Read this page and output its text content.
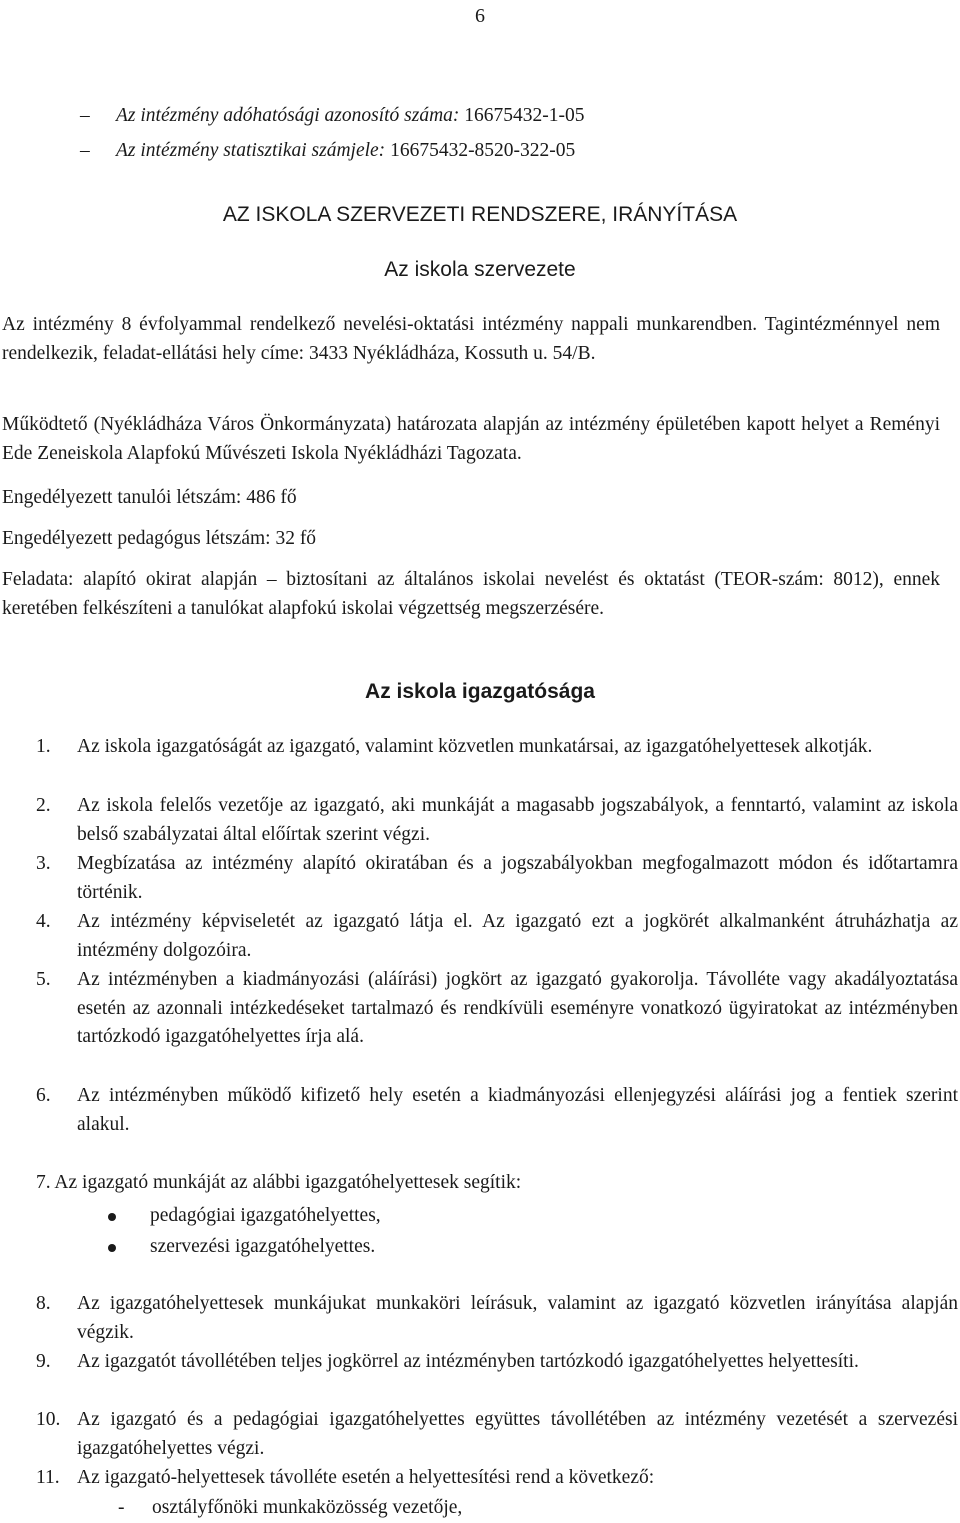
6
– Az intézmény adóhatósági azonosító száma: 16675432-1-05
– Az intézmény statisztikai számjele: 16675432-8520-322-05
AZ ISKOLA SZERVEZETI RENDSZERE, IRÁNYÍTÁSA
Az iskola szervezete
Az intézmény 8 évfolyammal rendelkező nevelési-oktatási intézmény nappali munkarendben. Tagintézménnyel nem rendelkezik, feladat-ellátási hely címe: 3433 Nyékládháza, Kossuth u. 54/B.
Működtető (Nyékládháza Város Önkormányzata) határozata alapján az intézmény épületében kapott helyet a Reményi Ede Zeneiskola Alapfokú Művészeti Iskola Nyékládházi Tagozata.
Engedélyezett tanulói létszám: 486 fő
Engedélyezett pedagógus létszám: 32 fő
Feladata: alapító okirat alapján – biztosítani az általános iskolai nevelést és oktatást (TEOR-szám: 8012), ennek keretében felkészíteni a tanulókat alapfokú iskolai végzettség megszerzésére.
Az iskola igazgatósága
1.	Az iskola igazgatóságát az igazgató, valamint közvetlen munkatársai, az igazgatóhelyettesek alkotják.
2.	Az iskola felelős vezetője az igazgató, aki munkáját a magasabb jogszabályok, a fenntartó, valamint az iskola belső szabályzatai által előírtak szerint végzi.
3.	Megbízatása az intézmény alapító okiratában és a jogszabályokban megfogalmazott módon és időtartamra történik.
4.	Az intézmény képviseletét az igazgató látja el. Az igazgató ezt a jogkörét alkalmanként átruházhatja az intézmény dolgozóira.
5.	Az intézményben a kiadmányozási (aláírási) jogkört az igazgató gyakorolja. Távolléte vagy akadályoztatása esetén az azonnali intézkedéseket tartalmazó és rendkívüli eseményre vonatkozó ügyiratokat az intézményben tartózkodó igazgatóhelyettes írja alá.
6.	Az intézményben működő kifizető hely esetén a kiadmányozási ellenjegyzési aláírási jog a fentiek szerint alakul.
7. Az igazgató munkáját az alábbi igazgatóhelyettesek segítik:
pedagógiai igazgatóhelyettes,
szervezési igazgatóhelyettes.
8.	Az igazgatóhelyettesek munkájukat munkaköri leírásuk, valamint az igazgató közvetlen irányítása alapján végzik.
9.	Az igazgatót távollétében teljes jogkörrel az intézményben tartózkodó igazgatóhelyettes helyettesíti.
10. Az igazgató és a pedagógiai igazgatóhelyettes együttes távollétében az intézmény vezetését a szervezési igazgatóhelyettes végzi.
11. Az igazgató-helyettesek távolléte esetén a helyettesítési rend a következő:
- osztályfőnöki munkaközösség vezetője,
